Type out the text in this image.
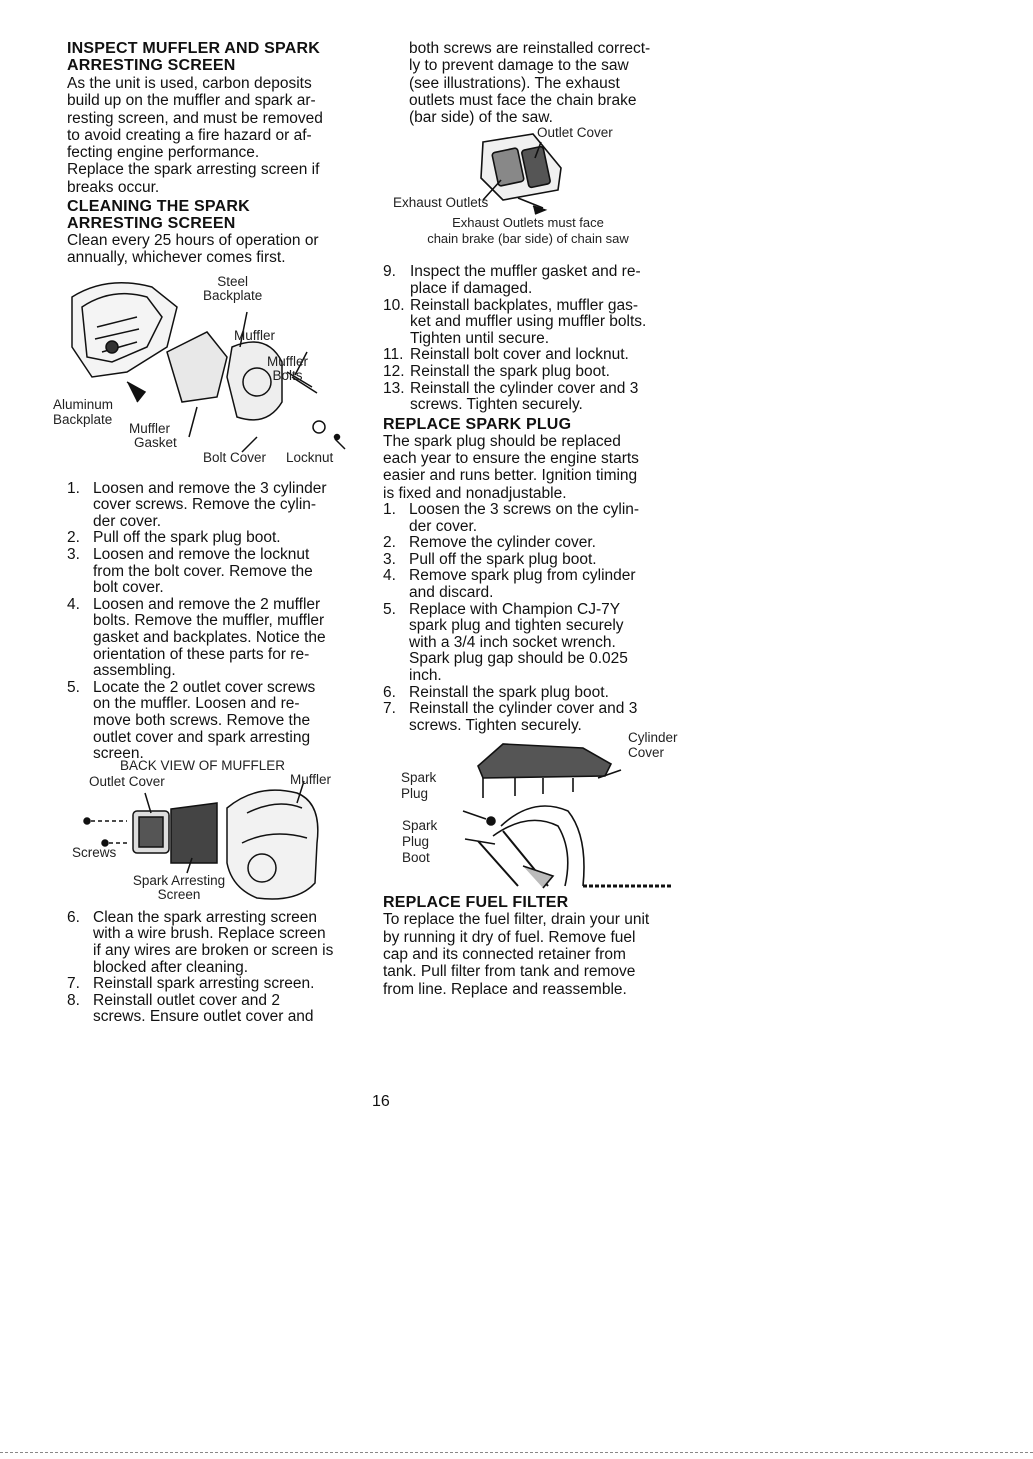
INSPECT MUFFLER AND SPARK
ARRESTING SCREEN
As the unit is used, carbon deposits
build up on the muffler and spark ar-
resting screen, and must be removed
to avoid creating a fire hazard or af-
fecting engine performance.
Replace the spark arresting screen if
breaks occur.
CLEANING THE SPARK
ARRESTING SCREEN
Clean every 25 hours of operation or
annually, whichever comes first.
Steel
Backplate
Muffler
Muffler
Bolts
Aluminum
Backplate
Muffler
Gasket
Bolt Cover Locknut
1. Loosen and remove the 3 cylinder
cover screws. Remove the cylin-
der cover.
2. Pull off the spark plug boot.
3. Loosen and remove the locknut
from the bolt cover. Remove the
bolt cover.
4. Loosen and remove the 2 muffler
bolts. Remove the muffler, muffler
gasket and backplates. Notice the
orientation of these parts for re-
assembling.
5. Locate the 2 outlet cover screws
on the muffler. Loosen and re-
move both screws. Remove the
outlet cover and spark arresting
screen.
BACK VIEW OF MUFFLER
Outlet Cover	Muffler
Screws
Spark Arresting
Screen
6. Clean the spark arresting screen
with a wire brush. Replace screen
if any wires are broken or screen is
blocked after cleaning.
7. Reinstall spark arresting screen.
8. Reinstall outlet cover and 2
screws. Ensure outlet cover and
both screws are reinstalled correct-
ly to prevent damage to the saw
(see illustrations). The exhaust
outlets must face the chain brake
(bar side) of the saw.
Outlet Cover
Exhaust Outlets
Exhaust Outlets must face
chain brake (bar side) of chain saw
9. Inspect the muffler gasket and re-
place if damaged.
10. Reinstall backplates, muffler gas-
ket and muffler using muffler bolts.
Tighten until secure.
11. Reinstall bolt cover and locknut.
12. Reinstall the spark plug boot.
13. Reinstall the cylinder cover and 3
screws. Tighten securely.
REPLACE SPARK PLUG
The spark plug should be replaced
each year to ensure the engine starts
easier and runs better. Ignition timing
is fixed and nonadjustable.
1. Loosen the 3 screws on the cylin-
der cover.
2. Remove the cylinder cover.
3. Pull off the spark plug boot.
4. Remove spark plug from cylinder
and discard.
5. Replace with Champion CJ-7Y
spark plug and tighten securely
with a 3/4 inch socket wrench.
Spark plug gap should be 0.025
inch.
6. Reinstall the spark plug boot.
7. Reinstall the cylinder cover and 3
screws. Tighten securely.
Cylinder
Cover
Spark
Plug
Spark
Plug
Boot
REPLACE FUEL FILTER
To replace the fuel filter, drain your unit
by running it dry of fuel. Remove fuel
cap and its connected retainer from
tank. Pull filter from tank and remove
from line. Replace and reassemble.
16
